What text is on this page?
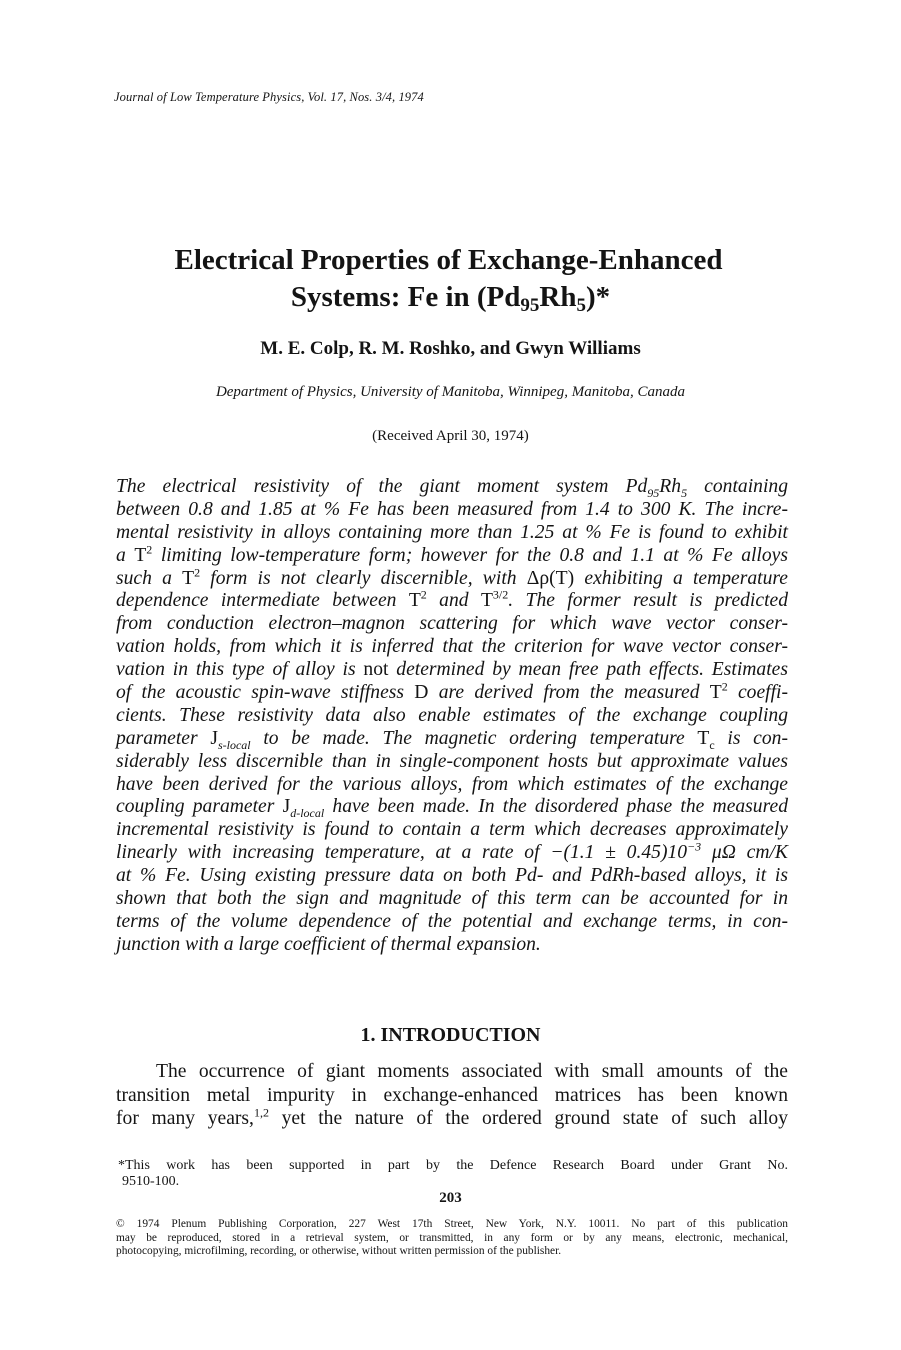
Journal of Low Temperature Physics, Vol. 17, Nos. 3/4, 1974
Electrical Properties of Exchange-Enhanced
Systems: Fe in $(Pd_{95}Rh_5)*$
M. E. Colp, R. M. Roshko, and Gwyn Williams
Department of Physics, University of Manitoba, Winnipeg, Manitoba, Canada
(Received April 30, 1974)
The electrical resistivity of the giant moment system $Pd_{95}Rh_5$ containing
between 0.8 and 1.85 at % Fe has been measured from 1.4 to 300 K. The incre-
mental resistivity in alloys containing more than 1.25 at % Fe is found to exhibit
a $T^2$ limiting low-temperature form; however for the 0.8 and 1.1 at % Fe alloys
such a $T^2$ form is not clearly discernible, with Δρ(T) exhibiting a temperature
dependence intermediate between $T^2$ and $T^{3/2}$. The former result is predicted
from conduction electron–magnon scattering for which wave vector conser-
vation holds, from which it is inferred that the criterion for wave vector conser-
vation in this type of alloy is not determined by mean free path effects. Estimates
of the acoustic spin-wave stiffness D are derived from the measured $T^2$ coeffi-
cients. These resistivity data also enable estimates of the exchange coupling
parameter $J_{s-local}$ to be made. The magnetic ordering temperature $T_c$ is con-
siderably less discernible than in single-component hosts but approximate values
have been derived for the various alloys, from which estimates of the exchange
coupling parameter $J_{d-local}$ have been made. In the disordered phase the measured
incremental resistivity is found to contain a term which decreases approximately
linearly with increasing temperature, at a rate of $-(1.1 \pm 0.45)10^{-3}$ μΩ cm/K
at % Fe. Using existing pressure data on both Pd- and PdRh-based alloys, it is
shown that both the sign and magnitude of this term can be accounted for in
terms of the volume dependence of the potential and exchange terms, in con-
junction with a large coefficient of thermal expansion.
1. INTRODUCTION
The occurrence of giant moments associated with small amounts of the
transition metal impurity in exchange-enhanced matrices has been known
for many years,$^{1,2}$ yet the nature of the ordered ground state of such alloy
*This work has been supported in part by the Defence Research Board under Grant No.
9510-100.
203
© 1974 Plenum Publishing Corporation, 227 West 17th Street, New York, N.Y. 10011. No part of this publication
may be reproduced, stored in a retrieval system, or transmitted, in any form or by any means, electronic, mechanical,
photocopying, microfilming, recording, or otherwise, without written permission of the publisher.
